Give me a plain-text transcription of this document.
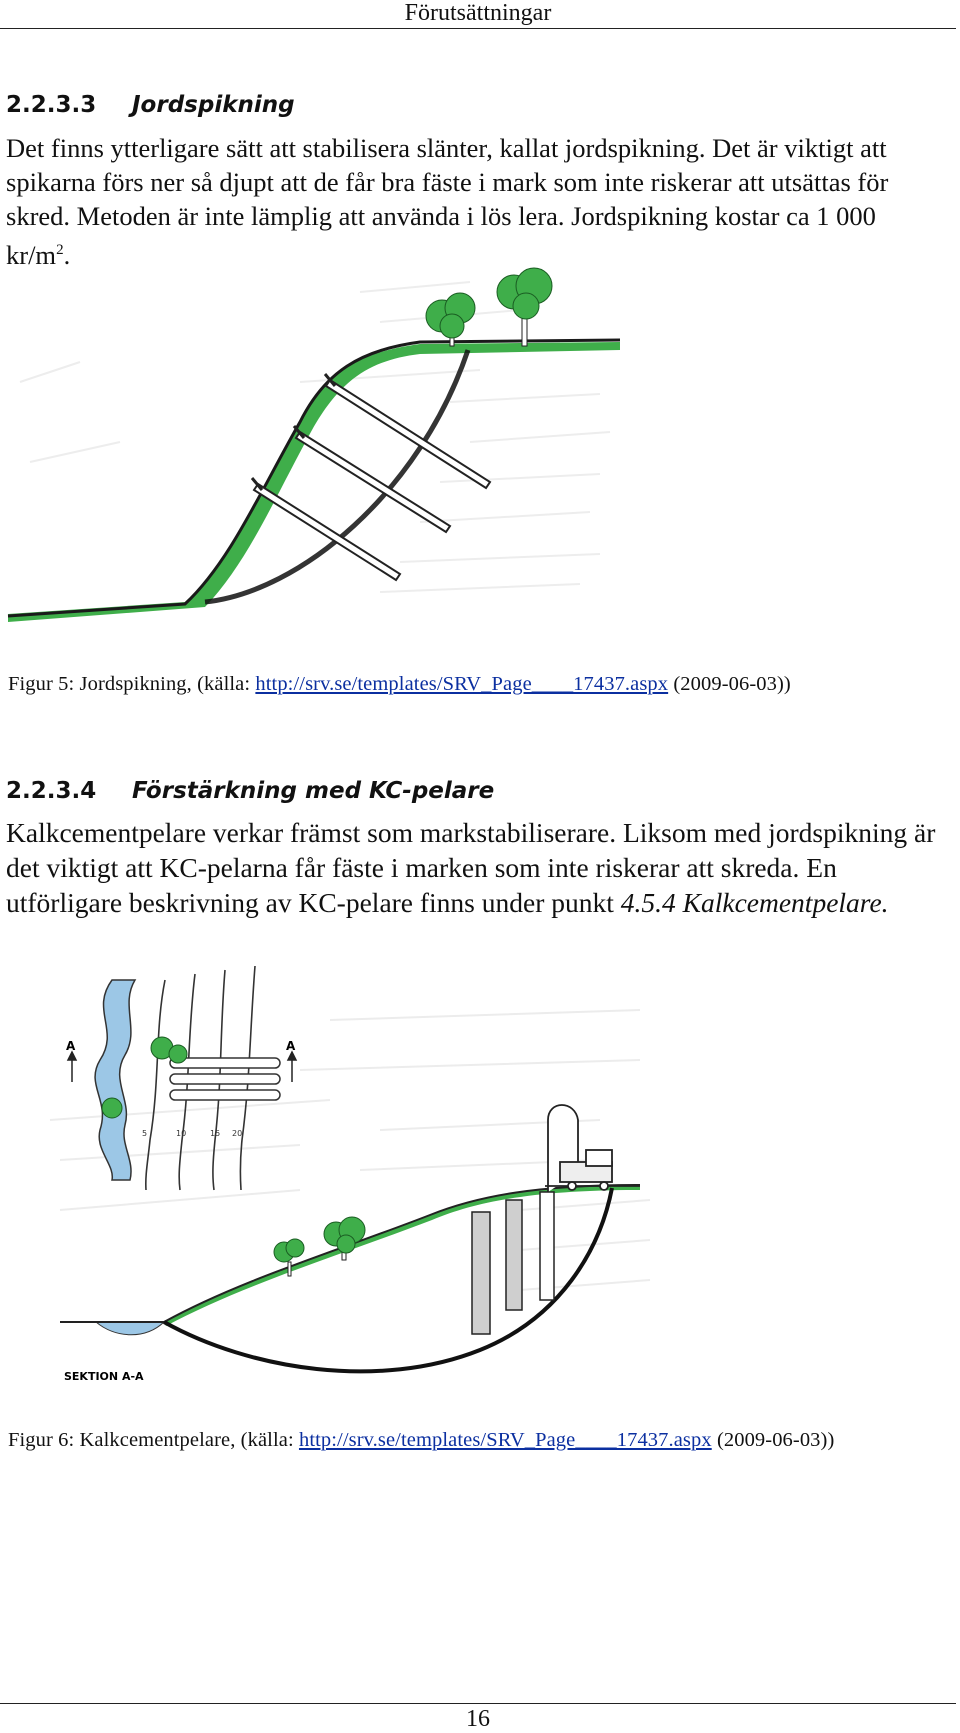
Förutsättningar
2.2.3.3 Jordspikning
Det finns ytterligare sätt att stabilisera slänter, kallat jordspikning. Det är viktigt att spikarna förs ner så djupt att de får bra fäste i mark som inte riskerar att utsättas för skred. Metoden är inte lämplig att använda i lös lera. Jordspikning kostar ca 1 000 $kr/m^2$.
Figur 5: Jordspikning, (källa: http://srv.se/templates/SRV_Page____17437.aspx (2009-06-03))
2.2.3.4 Förstärkning med KC-pelare
Kalkcementpelare verkar främst som markstabiliserare. Liksom med jordspikning är det viktigt att KC-pelarna får fäste i marken som inte riskerar att skreda. En utförligare beskrivning av KC-pelare finns under punkt 4.5.4 Kalkcementpelare.
A	A
5	10	15 20
SEKTION A-A
Figur 6: Kalkcementpelare, (källa: http://srv.se/templates/SRV_Page____17437.aspx (2009-06-03))
16
